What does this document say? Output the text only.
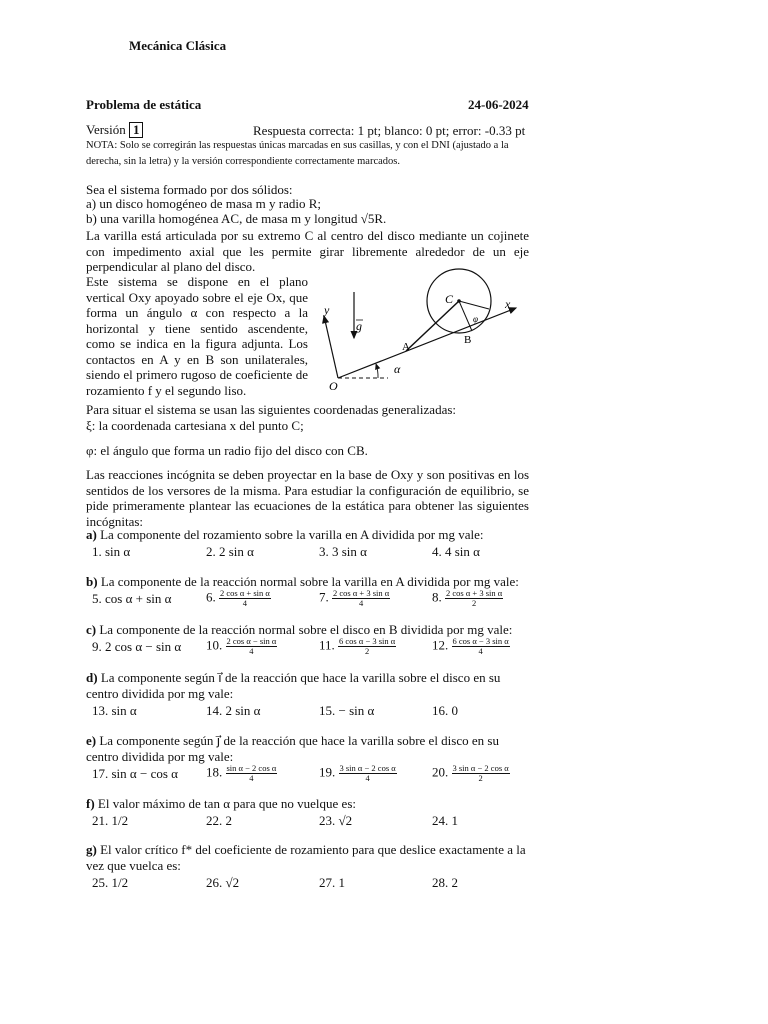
Mecánica Clásica
Problema de estática	24-06-2024
Versión 1	Respuesta correcta: 1 pt; blanco: 0 pt; error: -0.33 pt
NOTA: Solo se corregirán las respuestas únicas marcadas en sus casillas, y con el DNI (ajustado a la derecha, sin la letra) y la versión correspondiente correctamente marcados.
Sea el sistema formado por dos sólidos:
a) un disco homogéneo de masa m y radio R;
b) una varilla homogénea AC, de masa m y longitud √5R.
La varilla está articulada por su extremo C al centro del disco mediante un cojinete con impedimento axial que les permite girar libremente alrededor de un eje perpendicular al plano del disco.
Este sistema se dispone en el plano vertical Oxy apoyado sobre el eje Ox, que forma un ángulo α con respecto a la horizontal y tiene sentido ascendente, como se indica en la figura adjunta. Los contactos en A y en B son unilaterales, siendo el primero rugoso de coeficiente de rozamiento f y el segundo liso.
y
g
x
C
A
B
O
α
φ
Para situar el sistema se usan las siguientes coordenadas generalizadas:
ξ: la coordenada cartesiana x del punto C;
φ: el ángulo que forma un radio fijo del disco con CB.
Las reacciones incógnita se deben proyectar en la base de Oxy y son positivas en los sentidos de los versores de la misma. Para estudiar la configuración de equilibrio, se pide primeramente plantear las ecuaciones de la estática para obtener las siguientes incógnitas:
a) La componente del rozamiento sobre la varilla en A dividida por mg vale:
1. sin α	2. 2 sin α	3. 3 sin α	4. 4 sin α
b) La componente de la reacción normal sobre la varilla en A dividida por mg vale:
5. cos α + sin α	6. $\frac{\text{2 cos α + sin α}}{4}$	7. $\frac{\text{2 cos α + 3 sin α}}{4}$	8. $\frac{\text{2 cos α + 3 sin α}}{2}$
c) La componente de la reacción normal sobre el disco en B dividida por mg vale:
9. 2 cos α − sin α 10. $\frac{\text{2 cos α − sin α}}{4}$	11. $\frac{\text{6 cos α − 3 sin α}}{2}$	12. $\frac{\text{6 cos α − 3 sin α}}{4}$
d) La componente según ı⃗ de la reacción que hace la varilla sobre el disco en su centro dividida por mg vale:
13. sin α	14. 2 sin α	15. − sin α	16. 0
e) La componente según ȷ⃗ de la reacción que hace la varilla sobre el disco en su centro dividida por mg vale:
17. sin α − cos α 18. $\frac{\text{sin α − 2 cos α}}{4}$	19. $\frac{\text{3 sin α − 2 cos α}}{4}$	20. $\frac{\text{3 sin α − 2 cos α}}{2}$
f) El valor máximo de tan α para que no vuelque es:
21. 1/2	22. 2	23. √2	24. 1
g) El valor crítico f* del coeficiente de rozamiento para que deslice exactamente a la vez que vuelca es:
25. 1/2	26. √2	27. 1	28. 2
